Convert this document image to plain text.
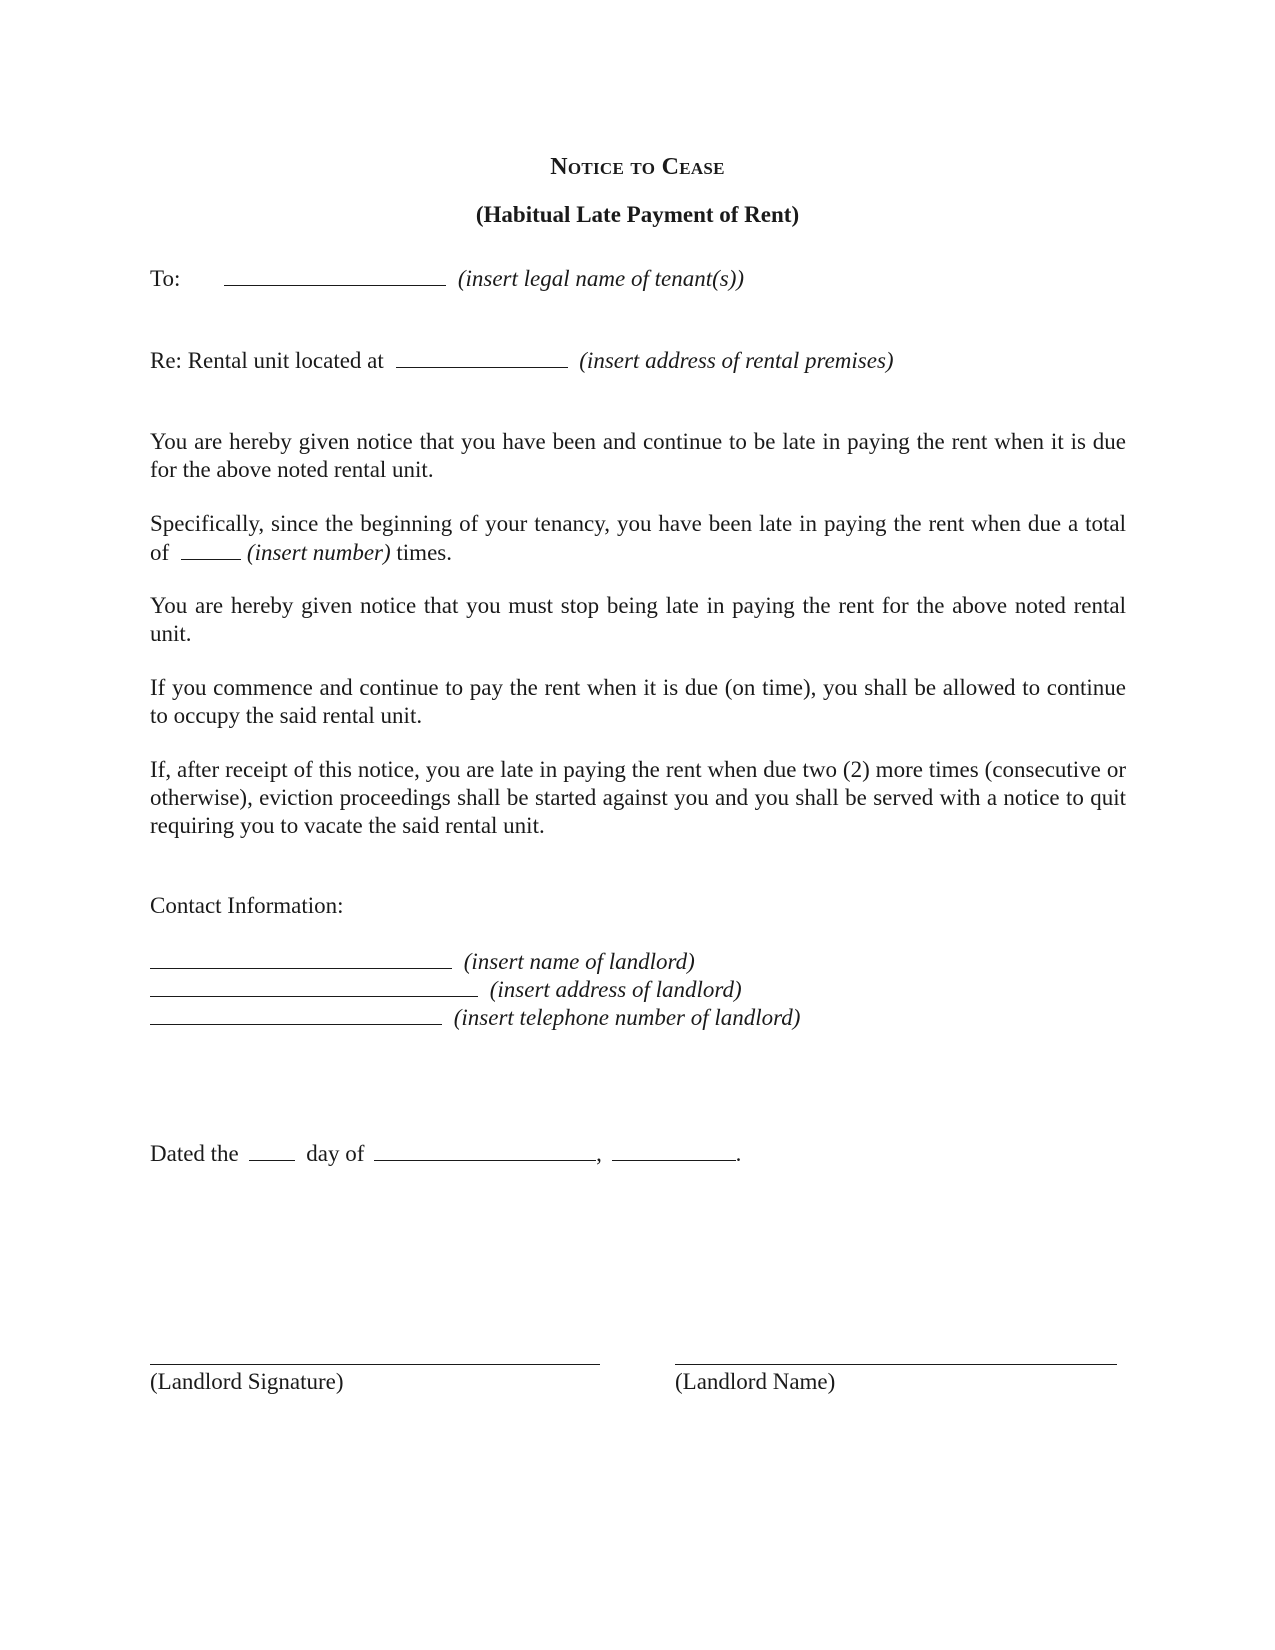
Notice to Cease
(Habitual Late Payment of Rent)
To:	(insert legal name of tenant(s))
Re: Rental unit located at	(insert address of rental premises)
You are hereby given notice that you have been and continue to be late in paying the rent when it is due for the above noted rental unit.
Specifically, since the beginning of your tenancy, you have been late in paying the rent when due a total of	(insert number) times.
You are hereby given notice that you must stop being late in paying the rent for the above noted rental unit.
If you commence and continue to pay the rent when it is due (on time), you shall be allowed to continue to occupy the said rental unit.
If, after receipt of this notice, you are late in paying the rent when due two (2) more times (consecutive or otherwise), eviction proceedings shall be started against you and you shall be served with a notice to quit requiring you to vacate the said rental unit.
Contact Information:
(insert name of landlord)
(insert address of landlord)
(insert telephone number of landlord)
Dated the	day of	,	.
(Landlord Signature)	(Landlord Name)
